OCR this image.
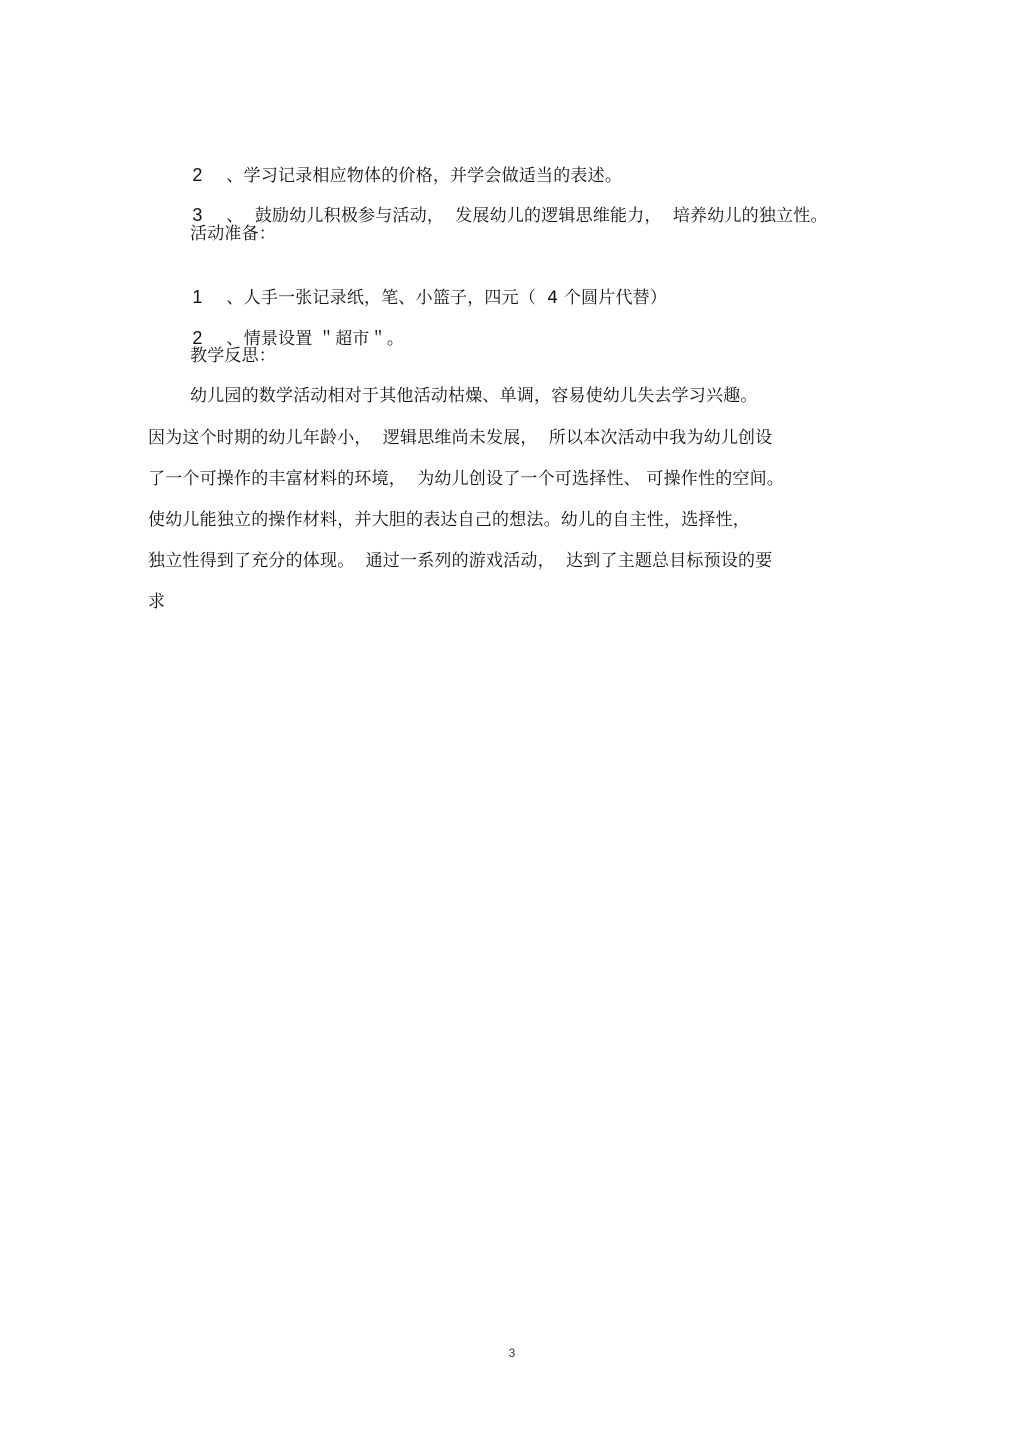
2 、学习记录相应物体的价格，并学会做适当的表述。

3 、  鼓励幼儿积极参与活动，  发展幼儿的逻辑思维能力，  培养幼儿的独立性。

活动准备：

1 、人手一张记录纸，笔、小篮子，四元（  4 个圆片代替）

2 、情景设置 ＂超市＂。

教学反思：
幼儿园的数学活动相对于其他活动枯燥、单调，容易使幼儿失去学习兴趣。
因为这个时期的幼儿年龄小，  逻辑思维尚未发展，  所以本次活动中我为幼儿创设
了一个可操作的丰富材料的环境，  为幼儿创设了一个可选择性、 可操作性的空间。
使幼儿能独立的操作材料，并大胆的表达自己的想法。幼儿的自主性，选择性，
独立性得到了充分的体现。  通过一系列的游戏活动，  达到了主题总目标预设的要
求
3
